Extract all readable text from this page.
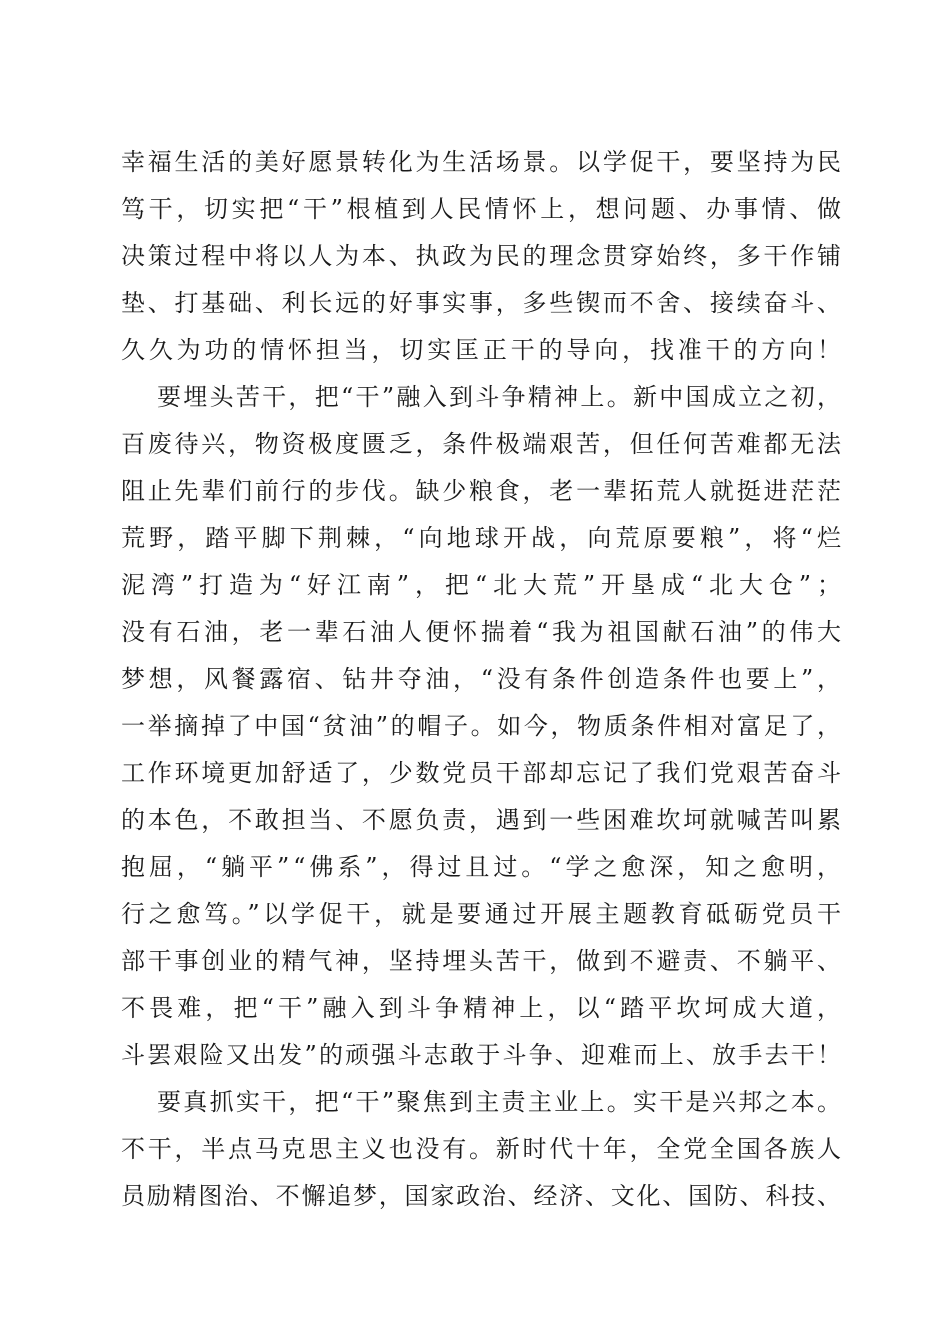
幸福生活的美好愿景转化为生活场景。以学促干，要坚持为民
笃干，切实把“干”根植到人民情怀上，想问题、办事情、做
决策过程中将以人为本、执政为民的理念贯穿始终，多干作铺
垫、打基础、利长远的好事实事，多些锲而不舍、接续奋斗、
久久为功的情怀担当，切实匡正干的导向，找准干的方向！
要埋头苦干，把“干”融入到斗争精神上。新中国成立之初，
百废待兴，物资极度匮乏，条件极端艰苦，但任何苦难都无法
阻止先辈们前行的步伐。缺少粮食，老一辈拓荒人就挺进茫茫
荒野，踏平脚下荆棘，“向地球开战，向荒原要粮”，将“烂
泥湾”打造为“好江南”，把“北大荒”开垦成“北大仓”；
没有石油，老一辈石油人便怀揣着“我为祖国献石油”的伟大
梦想，风餐露宿、钻井夺油，“没有条件创造条件也要上”，
一举摘掉了中国“贫油”的帽子。如今，物质条件相对富足了，
工作环境更加舒适了，少数党员干部却忘记了我们党艰苦奋斗
的本色，不敢担当、不愿负责，遇到一些困难坎坷就喊苦叫累
抱屈，“躺平”“佛系”，得过且过。“学之愈深，知之愈明，
行之愈笃。”以学促干，就是要通过开展主题教育砥砺党员干
部干事创业的精气神，坚持埋头苦干，做到不避责、不躺平、
不畏难，把“干”融入到斗争精神上，以“踏平坎坷成大道，
斗罢艰险又出发”的顽强斗志敢于斗争、迎难而上、放手去干！
要真抓实干，把“干”聚焦到主责主业上。实干是兴邦之本。
不干，半点马克思主义也没有。新时代十年，全党全国各族人
员励精图治、不懈追梦，国家政治、经济、文化、国防、科技、
